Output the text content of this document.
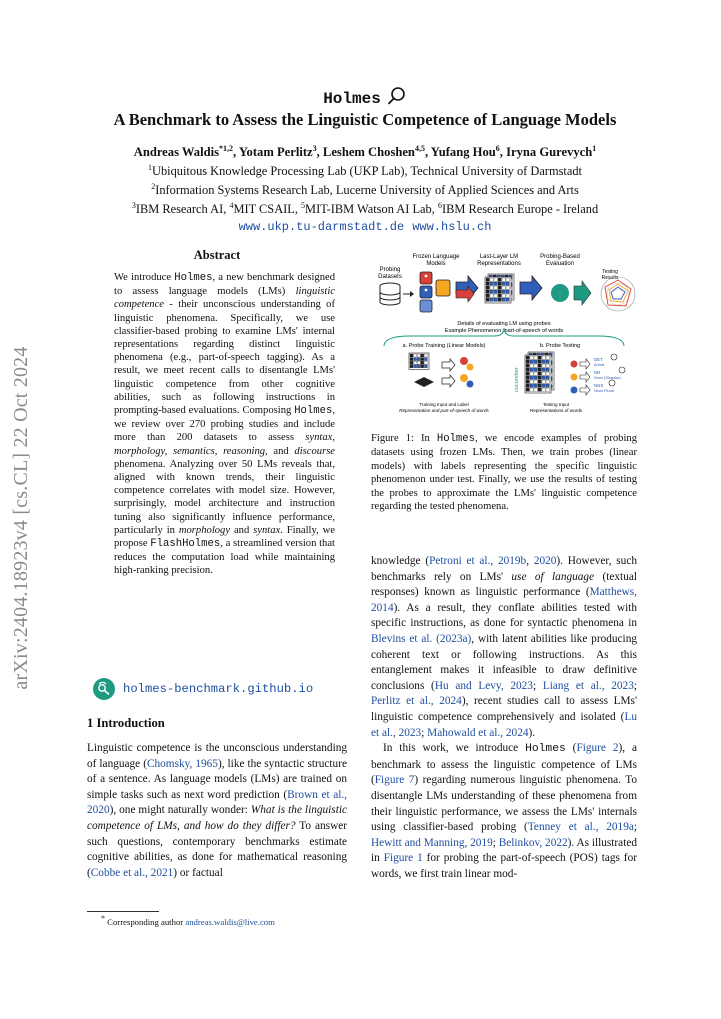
arXiv:2404.18923v4 [cs.CL] 22 Oct 2024
Holmes
A Benchmark to Assess the Linguistic Competence of Language Models
Andreas Waldis$^{*1,2}$, Yotam Perlitz$^3$, Leshem Choshen$^{4,5}$, Yufang Hou$^6$, Iryna Gurevych$^1$
$^1$Ubiquitous Knowledge Processing Lab (UKP Lab), Technical University of Darmstadt
$^2$Information Systems Research Lab, Lucerne University of Applied Sciences and Arts
$^3$IBM Research AI, $^4$MIT CSAIL, $^5$MIT-IBM Watson AI Lab, $^6$IBM Research Europe - Ireland
www.ukp.tu-darmstadt.de www.hslu.ch
Abstract
We introduce Holmes, a new benchmark designed to assess language models (LMs) linguistic competence - their unconscious understanding of linguistic phenomena. Specifically, we use classifier-based probing to examine LMs' internal representations regarding distinct linguistic phenomena (e.g., part-of-speech tagging). As a result, we meet recent calls to disentangle LMs' linguistic competence from other cognitive abilities, such as following instructions in prompting-based evaluations. Composing Holmes, we review over 270 probing studies and include more than 200 datasets to assess syntax, morphology, semantics, reasoning, and discourse phenomena. Analyzing over 50 LMs reveals that, aligned with known trends, their linguistic competence correlates with model size. However, surprisingly, model architecture and instruction tuning also significantly influence performance, particularly in morphology and syntax. Finally, we propose FlashHolmes, a streamlined version that reduces the computation load while maintaining high-ranking precision.
holmes-benchmark.github.io
1 Introduction
Linguistic competence is the unconscious understanding of language (Chomsky, 1965), like the syntactic structure of a sentence. As language models (LMs) are trained on simple tasks such as next word prediction (Brown et al., 2020), one might naturally wonder: What is the linguistic competence of LMs, and how do they differ? To answer such questions, contemporary benchmarks estimate cognitive abilities, as done for mathematical reasoning (Cobbe et al., 2021) or factual
* Corresponding author andreas.waldis@live.com
Probing
Datasets
Frozen Language
Models
Last-Layer LM
Representations
Probing-Based
Evaluation
Testing
Results
Details of evaluating LM using probes
Example Phenomenon: part-of-speech of words
a. Probe Training (Linear Models)	b. Probe Testing
Training Input and Label
Representation and part-of-speech of words
cucumber
DET
Article
NN
Noun (Singular)
NNS
Noun Plural
Testing Input
Representations of words
Figure 1: In Holmes, we encode examples of probing datasets using frozen LMs. Then, we train probes (linear models) with labels representing the specific linguistic phenomenon under test. Finally, we use the results of testing the probes to approximate the LMs' linguistic competence regarding the tested phenomena.

knowledge (Petroni et al., 2019b, 2020). However, such benchmarks rely on LMs' use of language (textual responses) known as linguistic performance (Matthews, 2014). As a result, they conflate abilities tested with specific instructions, as done for syntactic phenomena in Blevins et al. (2023a), with latent abilities like producing coherent text or following instructions. As this entanglement makes it infeasible to draw definitive conclusions (Hu and Levy, 2023; Liang et al., 2023; Perlitz et al., 2024), recent studies call to assess LMs' linguistic competence comprehensively and isolated (Lu et al., 2023; Mahowald et al., 2024).

In this work, we introduce Holmes (Figure 2), a benchmark to assess the linguistic competence of LMs (Figure 7) regarding numerous linguistic phenomena. To disentangle LMs understanding of these phenomena from their linguistic performance, we assess the LMs' internals using classifier-based probing (Tenney et al., 2019a; Hewitt and Manning, 2019; Belinkov, 2022). As illustrated in Figure 1 for probing the part-of-speech (POS) tags for words, we first train linear mod-
